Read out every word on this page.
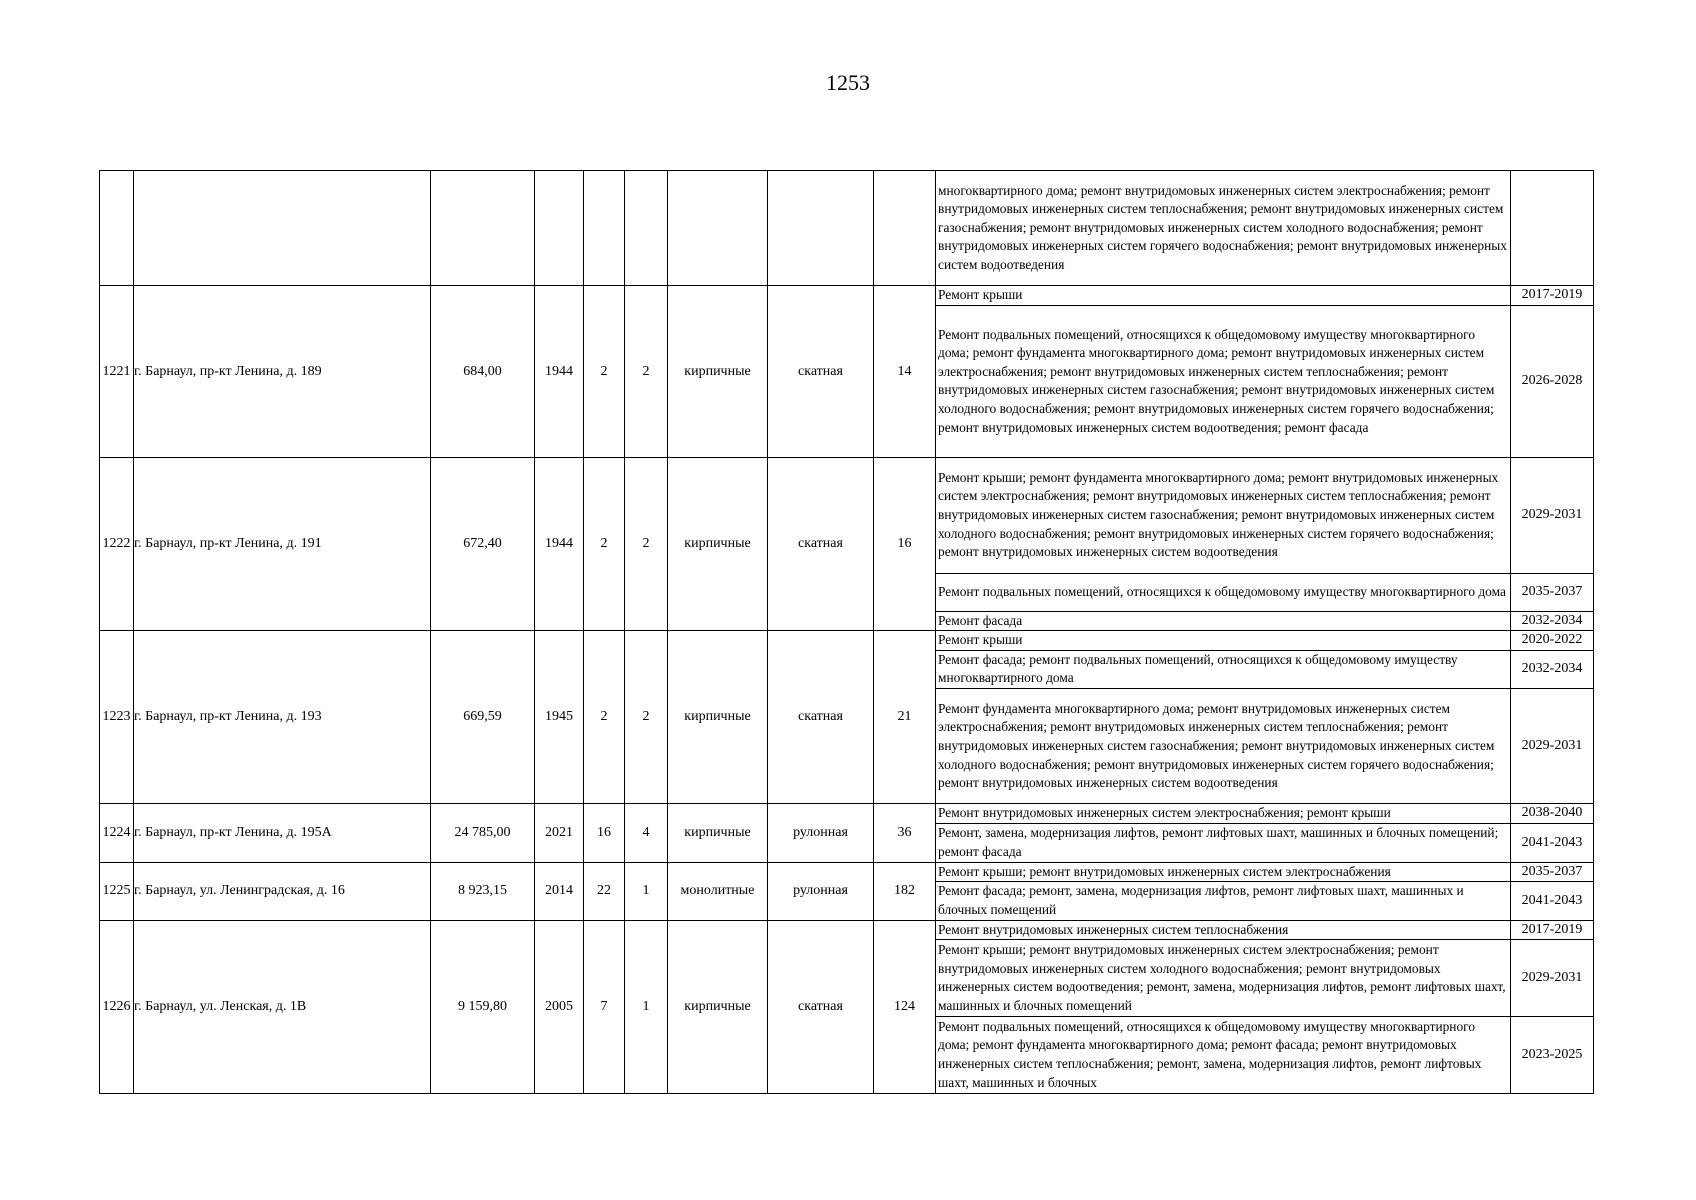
1253

многоквартирного дома; ремонт внутридомовых инженерных систем электроснабжения; ремонт внутридомовых инженерных систем теплоснабжения; ремонт внутридомовых инженерных систем газоснабжения; ремонт внутридомовых инженерных систем холодного водоснабжения; ремонт внутридомовых инженерных систем горячего водоснабжения; ремонт внутридомовых инженерных систем водоотведения	

1221	г. Барнаул, пр-кт Ленина, д. 189	684,00	1944	2	2	кирпичные	скатная	14	
Ремонт крыши	2017-2019
Ремонт подвальных помещений, относящихся к общедомовому имуществу многоквартирного дома; ремонт фундамента многоквартирного дома; ремонт внутридомовых инженерных систем электроснабжения; ремонт внутридомовых инженерных систем теплоснабжения; ремонт внутридомовых инженерных систем газоснабжения; ремонт внутридомовых инженерных систем холодного водоснабжения; ремонт внутридомовых инженерных систем горячего водоснабжения; ремонт внутридомовых инженерных систем водоотведения; ремонт фасада	2026-2028

1222	г. Барнаул, пр-кт Ленина, д. 191	672,40	1944	2	2	кирпичные	скатная	16	
Ремонт крыши; ремонт фундамента многоквартирного дома; ремонт внутридомовых инженерных систем электроснабжения; ремонт внутридомовых инженерных систем теплоснабжения; ремонт внутридомовых инженерных систем газоснабжения; ремонт внутридомовых инженерных систем холодного водоснабжения; ремонт внутридомовых инженерных систем горячего водоснабжения; ремонт внутридомовых инженерных систем водоотведения	2029-2031
Ремонт подвальных помещений, относящихся к общедомовому имуществу многоквартирного дома	2035-2037
Ремонт фасада	2032-2034

1223	г. Барнаул, пр-кт Ленина, д. 193	669,59	1945	2	2	кирпичные	скатная	21	
Ремонт крыши	2020-2022
Ремонт фасада; ремонт подвальных помещений, относящихся к общедомовому имуществу многоквартирного дома	2032-2034
Ремонт фундамента многоквартирного дома; ремонт внутридомовых инженерных систем электроснабжения; ремонт внутридомовых инженерных систем теплоснабжения; ремонт внутридомовых инженерных систем газоснабжения; ремонт внутридомовых инженерных систем холодного водоснабжения; ремонт внутридомовых инженерных систем горячего водоснабжения; ремонт внутридомовых инженерных систем водоотведения	2029-2031

1224	г. Барнаул, пр-кт Ленина, д. 195А	24 785,00	2021	16	4	кирпичные	рулонная	36	
Ремонт внутридомовых инженерных систем электроснабжения; ремонт крыши	2038-2040
Ремонт, замена, модернизация лифтов, ремонт лифтовых шахт, машинных и блочных помещений; ремонт фасада	2041-2043

1225	г. Барнаул, ул. Ленинградская, д. 16	8 923,15	2014	22	1	монолитные	рулонная	182	
Ремонт крыши; ремонт внутридомовых инженерных систем электроснабжения	2035-2037
Ремонт фасада; ремонт, замена, модернизация лифтов, ремонт лифтовых шахт, машинных и блочных помещений	2041-2043

1226	г. Барнаул, ул. Ленская, д. 1В	9 159,80	2005	7	1	кирпичные	скатная	124	
Ремонт внутридомовых инженерных систем теплоснабжения	2017-2019
Ремонт крыши; ремонт внутридомовых инженерных систем электроснабжения; ремонт внутридомовых инженерных систем холодного водоснабжения; ремонт внутридомовых инженерных систем водоотведения; ремонт, замена, модернизация лифтов, ремонт лифтовых шахт, машинных и блочных помещений	2029-2031
Ремонт подвальных помещений, относящихся к общедомовому имуществу многоквартирного дома; ремонт фундамента многоквартирного дома; ремонт фасада; ремонт внутридомовых инженерных систем теплоснабжения; ремонт, замена, модернизация лифтов, ремонт лифтовых шахт, машинных и блочных	2023-2025
